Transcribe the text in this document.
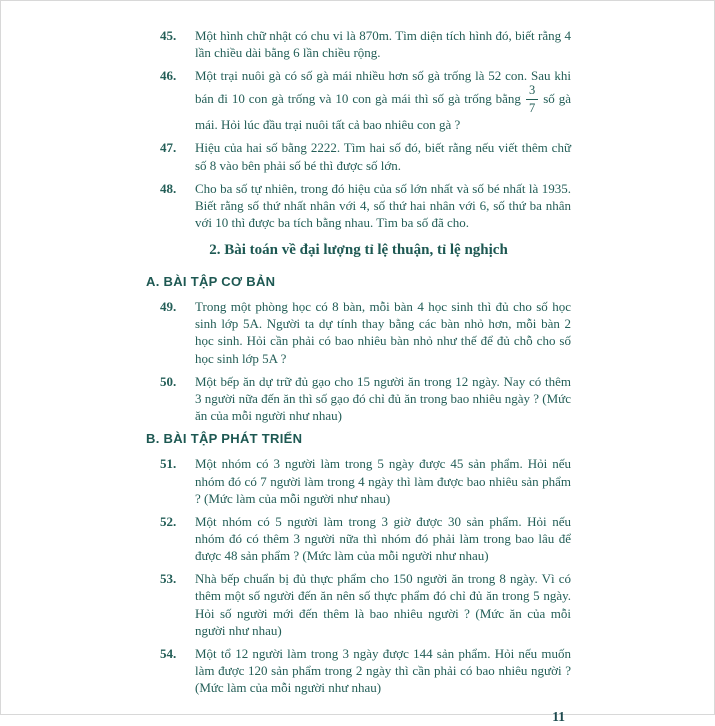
45.	Một hình chữ nhật có chu vi là 870m. Tìm diện tích hình đó, biết rằng 4 lần chiều dài bằng 6 lần chiều rộng.
46.	Một trại nuôi gà có số gà mái nhiều hơn số gà trống là 52 con. Sau khi bán đi 10 con gà trống và 10 con gà mái thì số gà trống bằng $\frac{3}{7}$ số gà mái. Hỏi lúc đầu trại nuôi tất cả bao nhiêu con gà ?
47.	Hiệu của hai số bằng 2222. Tìm hai số đó, biết rằng nếu viết thêm chữ số 8 vào bên phải số bé thì được số lớn.
48.	Cho ba số tự nhiên, trong đó hiệu của số lớn nhất và số bé nhất là 1935. Biết rằng số thứ nhất nhân với 4, số thứ hai nhân với 6, số thứ ba nhân với 10 thì được ba tích bằng nhau. Tìm ba số đã cho.
2. Bài toán về đại lượng tỉ lệ thuận, tỉ lệ nghịch
A. BÀI TẬP CƠ BẢN
49.	Trong một phòng học có 8 bàn, mỗi bàn 4 học sinh thì đủ cho số học sinh lớp 5A. Người ta dự tính thay bằng các bàn nhỏ hơn, mỗi bàn 2 học sinh. Hỏi cần phải có bao nhiêu bàn nhỏ như thế để đủ chỗ cho số học sinh lớp 5A ?
50.	Một bếp ăn dự trữ đủ gạo cho 15 người ăn trong 12 ngày. Nay có thêm 3 người nữa đến ăn thì số gạo đó chỉ đủ ăn trong bao nhiêu ngày ? (Mức ăn của mỗi người như nhau)
B. BÀI TẬP PHÁT TRIỂN
51.	Một nhóm có 3 người làm trong 5 ngày được 45 sản phẩm. Hỏi nếu nhóm đó có 7 người làm trong 4 ngày thì làm được bao nhiêu sản phẩm ? (Mức làm của mỗi người như nhau)
52.	Một nhóm có 5 người làm trong 3 giờ được 30 sản phẩm. Hỏi nếu nhóm đó có thêm 3 người nữa thì nhóm đó phải làm trong bao lâu để được 48 sản phẩm ? (Mức làm của mỗi người như nhau)
53.	Nhà bếp chuẩn bị đủ thực phẩm cho 150 người ăn trong 8 ngày. Vì có thêm một số người đến ăn nên số thực phẩm đó chỉ đủ ăn trong 5 ngày. Hỏi số người mới đến thêm là bao nhiêu người ? (Mức ăn của mỗi người như nhau)
54.	Một tổ 12 người làm trong 3 ngày được 144 sản phẩm. Hỏi nếu muốn làm được 120 sản phẩm trong 2 ngày thì cần phải có bao nhiêu người ? (Mức làm của mỗi người như nhau)
11
